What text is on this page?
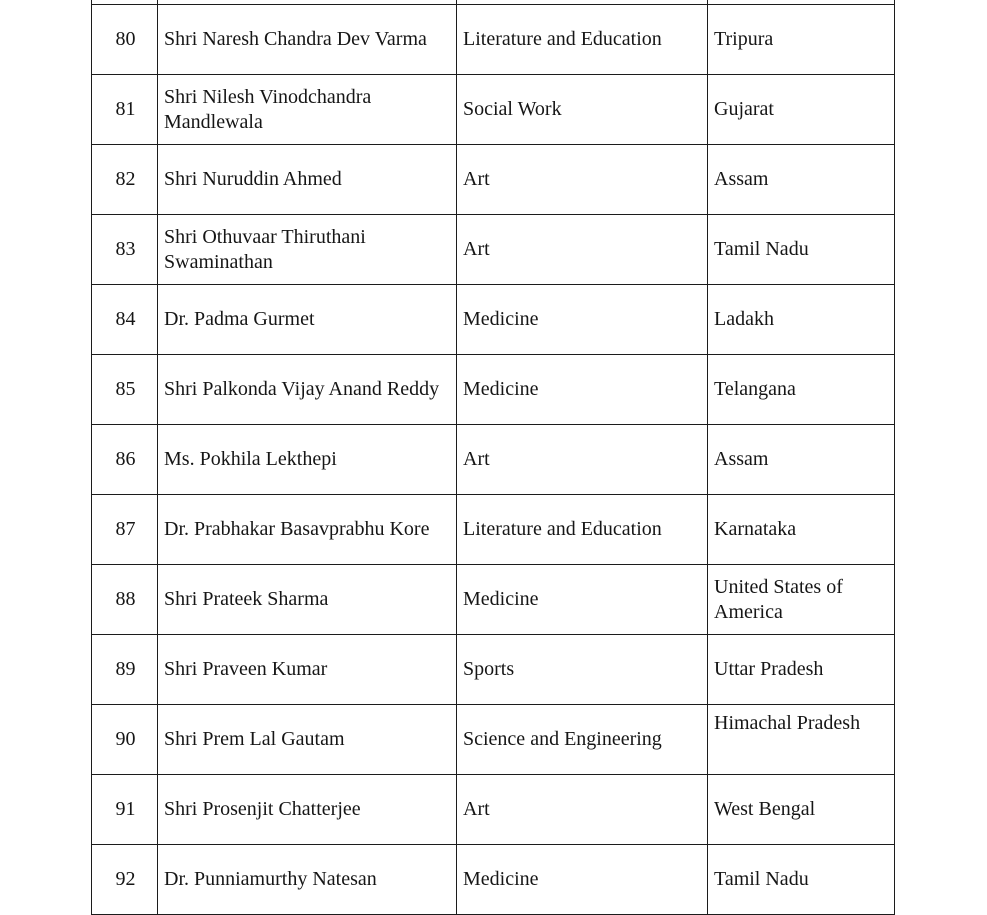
80	Shri Naresh Chandra Dev Varma	Literature and Education	Tripura
81	Shri Nilesh Vinodchandra Mandlewala	Social Work	Gujarat
82	Shri Nuruddin Ahmed	Art	Assam
83	Shri Othuvaar Thiruthani Swaminathan	Art	Tamil Nadu
84	Dr. Padma Gurmet	Medicine	Ladakh
85	Shri Palkonda Vijay Anand Reddy	Medicine	Telangana
86	Ms. Pokhila Lekthepi	Art	Assam
87	Dr. Prabhakar Basavprabhu Kore	Literature and Education	Karnataka
88	Shri Prateek Sharma	Medicine	United States of America
89	Shri Praveen Kumar	Sports	Uttar Pradesh
90	Shri Prem Lal Gautam	Science and Engineering	Himachal Pradesh
91	Shri Prosenjit Chatterjee	Art	West Bengal
92	Dr. Punniamurthy Natesan	Medicine	Tamil Nadu
